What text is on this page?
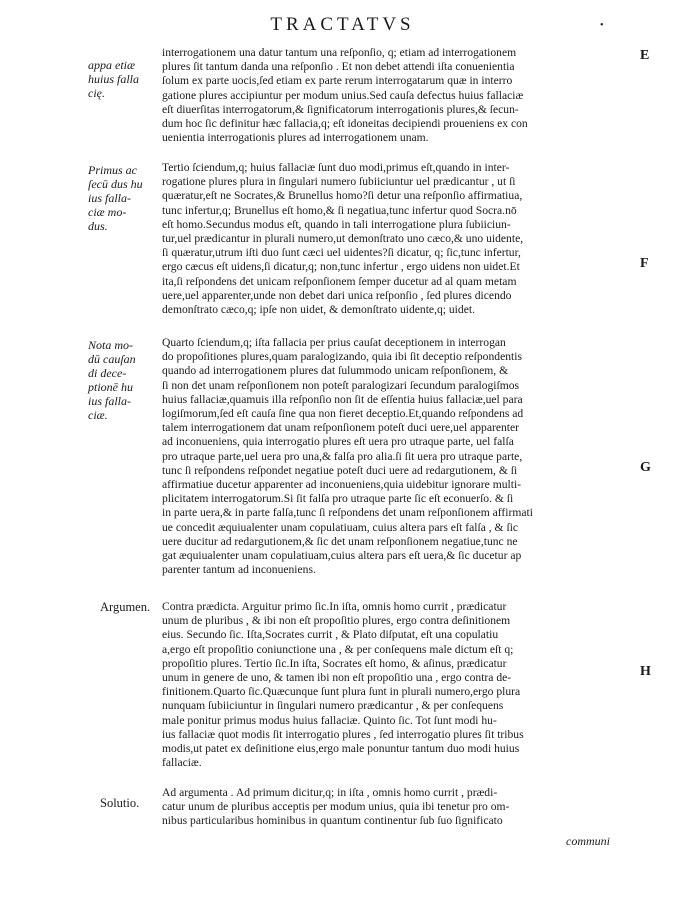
TRACTATVS	•
appa etiæ
huius falla
cię.
Primus ac
ſecū dus hu
ius falla-
ciæ mo-
dus.
Nota mo-
dū cauſan
di dece-
ptionē hu
ius falla-
ciæ.
Argumen.
Solutio.
E
F
G
H
interrogationem una datur tantum una reſponſio, q; etiam ad interrogationem
plures ſit tantum danda una reſponſio . Et non debet attendi iſta conuenientia
ſolum ex parte uocis,ſed etiam ex parte rerum interrogatarum quæ in interro
gatione plures accipiuntur per modum unius.Sed cauſa defectus huius fallaciæ
eſt diuerſitas interrogatorum,& ſignificatorum interrogationis plures,& ſecun-
dum hoc ſic definitur hæc fallacia,q; eſt idoneitas decipiendi proueniens ex con
uenientia interrogationis plures ad interrogationem unam.
Tertio ſciendum,q; huius fallaciæ ſunt duo modi,primus eſt,quando in inter-
rogatione plures plura in ſingulari numero ſubiiciuntur uel prædicantur , ut ſi
quæratur,eſt ne Socrates,& Brunellus homo?ſi detur una reſponſio affirmatiua,
tunc infertur,q; Brunellus eſt homo,& ſi negatiua,tunc infertur quod Socra.nō
eſt homo.Secundus modus eſt, quando in tali interrogatione plura ſubiiciun-
tur,uel prædicantur in plurali numero,ut demonſtrato uno cæco,& uno uidente,
ſi quæratur,utrum iſti duo ſunt cæci uel uidentes?ſi dicatur, q; ſic,tunc infertur,
ergo cæcus eſt uidens,ſi dicatur,q; non,tunc infertur , ergo uidens non uidet.Et
ita,ſi reſpondens det unicam reſponſionem ſemper ducetur ad al quam metam
uere,uel apparenter,unde non debet dari unica reſponſio , ſed plures dicendo
demonſtrato cæco,q; ipſe non uidet, & demonſtrato uidente,q; uidet.
Quarto ſciendum,q; iſta fallacia per prius cauſat deceptionem in interrogan
do propoſitiones plures,quam paralogizando, quia ibi ſit deceptio reſpondentis
quando ad interrogationem plures dat ſulummodo unicam reſponſionem, &
ſi non det unam reſponſionem non poteſt paralogizari ſecundum paralogiſmos
huius fallaciæ,quamuis illa reſponſio non ſit de eſſentia huius fallaciæ,uel para
logiſmorum,ſed eſt cauſa ſine qua non fieret deceptio.Et,quando reſpondens ad
talem interrogationem dat unam reſponſionem poteſt duci uere,uel apparenter
ad inconueniens, quia interrogatio plures eſt uera pro utraque parte, uel falſa
pro utraque parte,uel uera pro una,& falſa pro alia.ſi ſit uera pro utraque parte,
tunc ſi reſpondens reſpondet negatiue poteſt duci uere ad redargutionem, & ſi
affirmatiue ducetur apparenter ad inconueniens,quia uidebitur ignorare multi-
plicitatem interrogatorum.Si ſit falſa pro utraque parte ſic eſt econuerſo. & ſi
in parte uera,& in parte falſa,tunc ſi reſpondens det unam reſponſionem affirmati
ue concedit æquiualenter unam copulatiuam, cuius altera pars eſt falſa , & ſic
uere ducitur ad redargutionem,& ſic det unam reſponſionem negatiue,tunc ne
gat æquiualenter unam copulatiuam,cuius altera pars eſt uera,& ſic ducetur ap
parenter tantum ad inconueniens.
Contra prædicta. Arguitur primo ſic.In iſta, omnis homo currit , prædicatur
unum de pluribus , & ibi non eſt propoſitio plures, ergo contra deſinitionem
eius. Secundo ſic. Iſta,Socrates currit , & Plato diſputat, eſt una copulatiu
a,ergo eſt propoſitio coniunctione una , & per conſequens male dictum eſt q;
propoſitio plures. Tertio ſic.In iſta, Socrates eſt homo, & aſinus, prædicatur
unum in genere de uno, & tamen ibi non eſt propoſitio una , ergo contra de-
finitionem.Quarto ſic.Quæcunque ſunt plura ſunt in plurali numero,ergo plura
nunquam ſubiiciuntur in ſingulari numero prædicantur , & per conſequens
male ponitur primus modus huius fallaciæ. Quinto ſic. Tot ſunt modi hu-
ius fallaciæ quot modis ſit interrogatio plures , ſed interrogatio plures ſit tribus
modis,ut patet ex deſinitione eius,ergo male ponuntur tantum duo modi huius
fallaciæ.
Ad argumenta . Ad primum dicitur,q; in iſta , omnis homo currit , prædi-
catur unum de pluribus acceptis per modum unius, quia ibi tenetur pro om-
nibus particularibus hominibus in quantum continentur ſub ſuo ſignificato
communi
